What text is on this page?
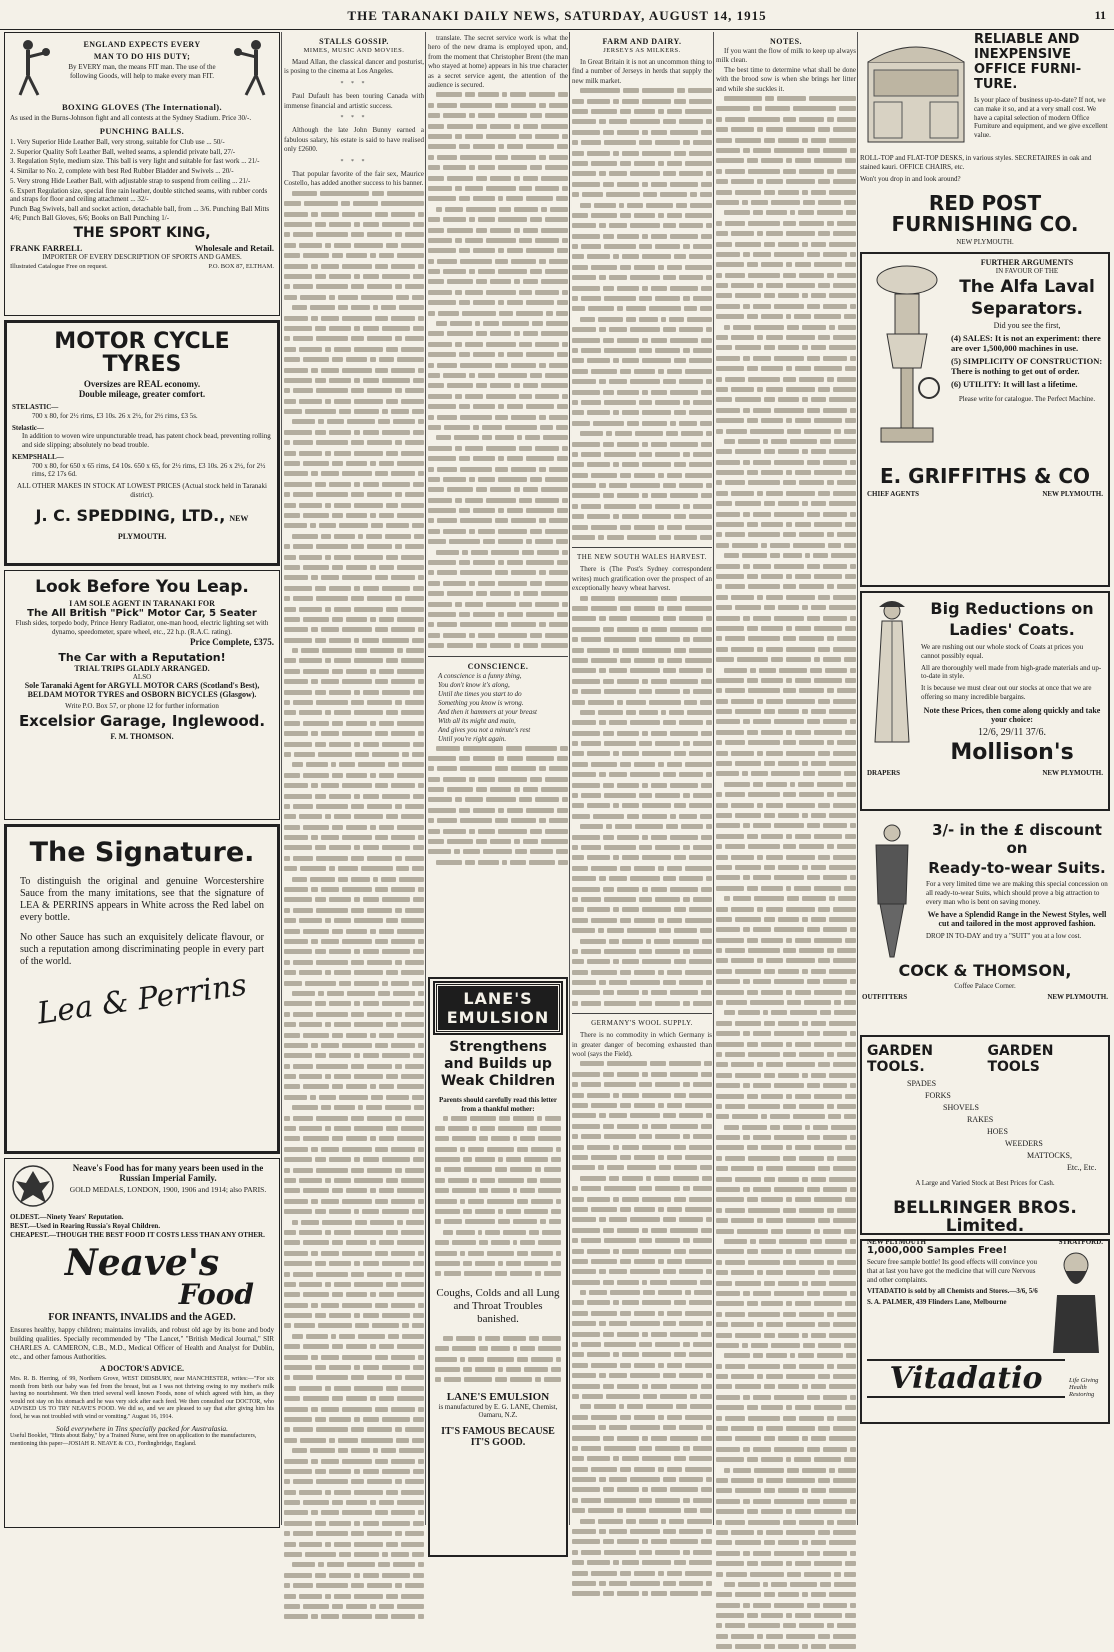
THE TARANAKI DAILY NEWS, SATURDAY, AUGUST 14, 1915	11
ENGLAND EXPECTS EVERY
MAN TO DO HIS DUTY;
By EVERY man, the means FIT man. The use of the following Goods, will help to make every man FIT.
BOXING GLOVES (The International).
As used in the Burns-Johnson fight and all contests at the Sydney Stadium. Price 30/-.
PUNCHING BALLS.
1. Very Superior Hide Leather Ball, very strong, suitable for Club use ... 50/-
2. Superior Quality Soft Leather Ball, welted seams, a splendid private ball, 27/-
3. Regulation Style, medium size. This ball is very light and suitable for fast work ... 21/-
4. Similar to No. 2, complete with best Red Rubber Bladder and Swivels ... 20/-
5. Very strong Hide Leather Ball, with adjustable strap to suspend from ceiling ... 21/-
6. Expert Regulation size, special fine rain leather, double stitched seams, with rubber cords and straps for floor and ceiling attachment ... 32/-
Punch Bag Swivels, ball and socket action, detachable ball, from ... 3/6. Punching Ball Mitts 4/6; Punch Ball Gloves, 6/6; Books on Ball Punching 1/-
THE SPORT KING,
FRANK FARRELL	Wholesale and Retail.
IMPORTER OF EVERY DESCRIPTION OF SPORTS AND GAMES.
Illustrated Catalogue Free on request.	P.O. BOX 87, ELTHAM.
MOTOR CYCLE TYRES
Oversizes are REAL economy.
Double mileage, greater comfort.
STELASTIC—
700 x 80, for 2½ rims, £3 10s. 26 x 2½, for 2½ rims, £3 5s.
Stelastic—
In addition to woven wire unpuncturable tread, has patent chock bead, preventing rolling and side slipping; absolutely no bead trouble.
KEMPSHALL—
700 x 80, for 650 x 65 rims, £4 10s. 650 x 65, for 2½ rims, £3 10s. 26 x 2½, for 2½ rims, £2 17s 6d.
ALL OTHER MAKES IN STOCK AT LOWEST PRICES (Actual stock held in Taranaki district).
J. C. SPEDDING, LTD., NEW PLYMOUTH.
Look Before You Leap.
I AM SOLE AGENT IN TARANAKI FOR
The All British "Pick" Motor Car, 5 Seater
Flush sides, torpedo body, Prince Henry Radiator, one-man hood, electric lighting set with dynamo, speedometer, spare wheel, etc., 22 h.p. (R.A.C. rating).
Price Complete, £375.
The Car with a Reputation!
TRIAL TRIPS GLADLY ARRANGED.
ALSO
Sole Taranaki Agent for ARGYLL MOTOR CARS (Scotland's Best), BELDAM MOTOR TYRES and OSBORN BICYCLES (Glasgow).
Write P.O. Box 57, or phone 12 for further information
Excelsior Garage, Inglewood.
F. M. THOMSON.
The Signature.
To distinguish the original and genuine Worcestershire Sauce from the many imitations, see that the signature of LEA & PERRINS appears in White across the Red label on every bottle.
No other Sauce has such an exquisitely delicate flavour, or such a reputation among discriminating people in every part of the world.
Lea & Perrins
Neave's Food has for many years been used in the Russian Imperial Family.
GOLD MEDALS, LONDON, 1900, 1906 and 1914; also PARIS.
OLDEST.—Ninety Years' Reputation.
BEST.—Used in Rearing Russia's Royal Children.
CHEAPEST.—THOUGH THE BEST FOOD IT COSTS LESS THAN ANY OTHER.
Neave's
Food
FOR INFANTS, INVALIDS and the AGED.
Ensures healthy, happy children; maintains invalids, and robust old age by its bone and body building qualities. Specially recommended by "The Lancet," "British Medical Journal," SIR CHARLES A. CAMERON, C.B., M.D., Medical Officer of Health and Analyst for Dublin, etc., and other famous Authorities.
A DOCTOR'S ADVICE.
Mrs. R. B. Herring, of 99, Northern Grove, WEST DIDSBURY, near MANCHESTER, writes:—"For six month from birth our baby was fed from the breast, but as I was not thriving owing to my mother's milk having no nourishment. We then tried several well known Foods, none of which agreed with him, as they would not stay on his stomach and he was very sick after each feed. We then consulted our DOCTOR, who ADVISED US TO TRY NEAVE'S FOOD. We did so, and we are pleased to say that after giving him his food, he was not troubled with wind or vomiting." August 16, 1914.
Sold everywhere in Tins specially packed for Australasia.
Useful Booklet, "Hints about Baby," by a Trained Nurse, sent free on application to the manufacturers, mentioning this paper—JOSIAH R. NEAVE & CO., Fordingbridge, England.
STALLS GOSSIP.
MIMES, MUSIC AND MOVIES.

Maud Allan, the classical dancer and posturist, is posing to the cinema at Los Angeles.

* * *

Paul Dufault has been touring Canada with immense financial and artistic success.

* * *

Although the late John Bunny earned a fabulous salary, his estate is said to have realised only £2600.

* * *

That popular favorite of the fair sex, Maurice Costello, has added another success to his banner.

translate. The secret service work is what the hero of the new drama is employed upon, and, from the moment that Christopher Brent (the man who stayed at home) appears in his true character as a secret service agent, the attention of the audience is secured.

CONSCIENCE.
A conscience is a funny thing,
You don't know it's along,
Until the times you start to do
Something you know is wrong.
And then it hammers at your breast
With all its might and main,
And gives you not a minute's rest
Until you're right again.
LANE'S EMULSION
Strengthens and Builds up Weak Children
Parents should carefully read this letter from a thankful mother:
Coughs, Colds and all Lung and Throat Troubles banished.
LANE'S EMULSION
is manufactured by E. G. LANE, Chemist, Oamaru, N.Z.
IT'S FAMOUS BECAUSE IT'S GOOD.
FARM AND DAIRY.
JERSEYS AS MILKERS.

In Great Britain it is not an uncommon thing to find a number of Jerseys in herds that supply the new milk market.

THE NEW SOUTH WALES HARVEST.

There is (The Post's Sydney correspondent writes) much gratification over the prospect of an exceptionally heavy wheat harvest.

GERMANY'S WOOL SUPPLY.

There is no commodity in which Germany is in greater danger of becoming exhausted than wool (says the Field).

NOTES.

If you want the flow of milk to keep up always milk clean.

The best time to determine what shall be done with the brood sow is when she brings her litter and while she suckles it.

RELIABLE AND
INEXPENSIVE
OFFICE FURNI-
TURE.
Is your place of business up-to-date? If not, we can make it so, and at a very small cost. We have a capital selection of modern Office Furniture and equipment, and we give excellent value.
ROLL-TOP and FLAT-TOP DESKS, in various styles. SECRETAIRES in oak and stained kauri. OFFICE CHAIRS, etc.
Won't you drop in and look around?
RED POST FURNISHING CO.
NEW PLYMOUTH.
FURTHER ARGUMENTS
IN FAVOUR OF THE
The Alfa Laval
Separators.
Did you see the first,
(4) SALES: It is not an experiment: there are over 1,500,000 machines in use.
(5) SIMPLICITY OF CONSTRUCTION: There is nothing to get out of order.
(6) UTILITY: It will last a lifetime.
Please write for catalogue. The Perfect Machine.
E. GRIFFITHS & CO
CHIEF AGENTS	NEW PLYMOUTH.
Big Reductions on
Ladies' Coats.
We are rushing out our whole stock of Coats at prices you cannot possibly equal.
All are thoroughly well made from high-grade materials and up-to-date in style.
It is because we must clear out our stocks at once that we are offering so many incredible bargains.
Note these Prices, then come along quickly and take your choice:
12/6, 29/11 37/6.
Mollison's
DRAPERS	NEW PLYMOUTH.
3/- in the £ discount on
Ready-to-wear Suits.
For a very limited time we are making this special concession on all ready-to-wear Suits, which should prove a big attraction to every man who is bent on saving money.
We have a Splendid Range in the Newest Styles, well cut and tailored in the most approved fashion.
DROP IN TO-DAY and try a "SUIT" you at a low cost.
COCK & THOMSON,
Coffee Palace Corner.
OUTFITTERS	NEW PLYMOUTH.
GARDEN TOOLS.
GARDEN TOOLS
SPADES
FORKS
SHOVELS
RAKES
HOES
WEEDERS
MATTOCKS,
Etc., Etc.
A Large and Varied Stock at Best Prices for Cash.
BELLRINGER BROS. Limited.
NEW PLYMOUTH	STRATFORD.
1,000,000 Samples Free!
Secure free sample bottle! Its good effects will convince you that at last you have got the medicine that will cure Nervous and other complaints.
VITADATIO is sold by all Chemists and Stores.—3/6, 5/6
S. A. PALMER, 439 Flinders Lane, Melbourne
Vitadatio	Life Giving Health Restoring
